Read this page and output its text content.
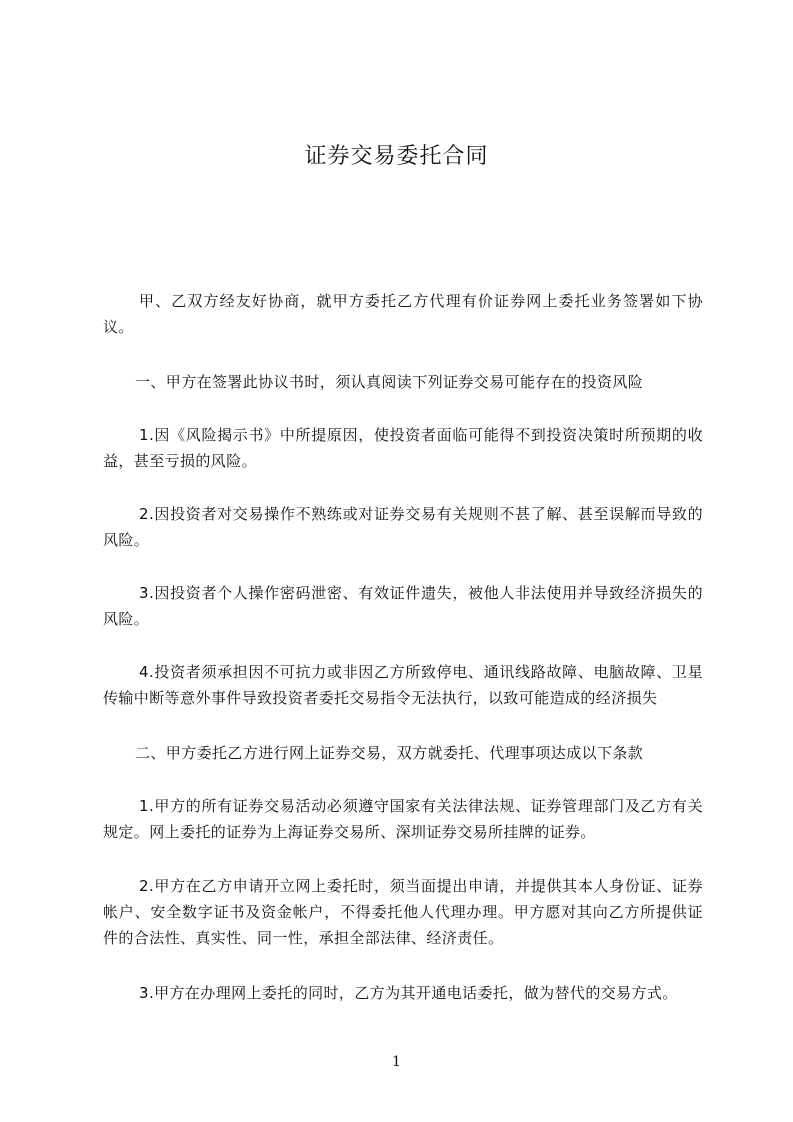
证券交易委托合同

甲、乙双方经友好协商，就甲方委托乙方代理有价证券网上委托业务签署如下协议。

一、甲方在签署此协议书时，须认真阅读下列证券交易可能存在的投资风险

1.因《风险揭示书》中所提原因，使投资者面临可能得不到投资决策时所预期的收益，甚至亏损的风险。

2.因投资者对交易操作不熟练或对证券交易有关规则不甚了解、甚至误解而导致的风险。

3.因投资者个人操作密码泄密、有效证件遗失，被他人非法使用并导致经济损失的风险。

4.投资者须承担因不可抗力或非因乙方所致停电、通讯线路故障、电脑故障、卫星传输中断等意外事件导致投资者委托交易指令无法执行，以致可能造成的经济损失

二、甲方委托乙方进行网上证券交易，双方就委托、代理事项达成以下条款

1.甲方的所有证券交易活动必须遵守国家有关法律法规、证券管理部门及乙方有关规定。网上委托的证券为上海证券交易所、深圳证券交易所挂牌的证券。

2.甲方在乙方申请开立网上委托时，须当面提出申请，并提供其本人身份证、证券帐户、安全数字证书及资金帐户，不得委托他人代理办理。甲方愿对其向乙方所提供证件的合法性、真实性、同一性，承担全部法律、经济责任。

3.甲方在办理网上委托的同时，乙方为其开通电话委托，做为替代的交易方式。

1
